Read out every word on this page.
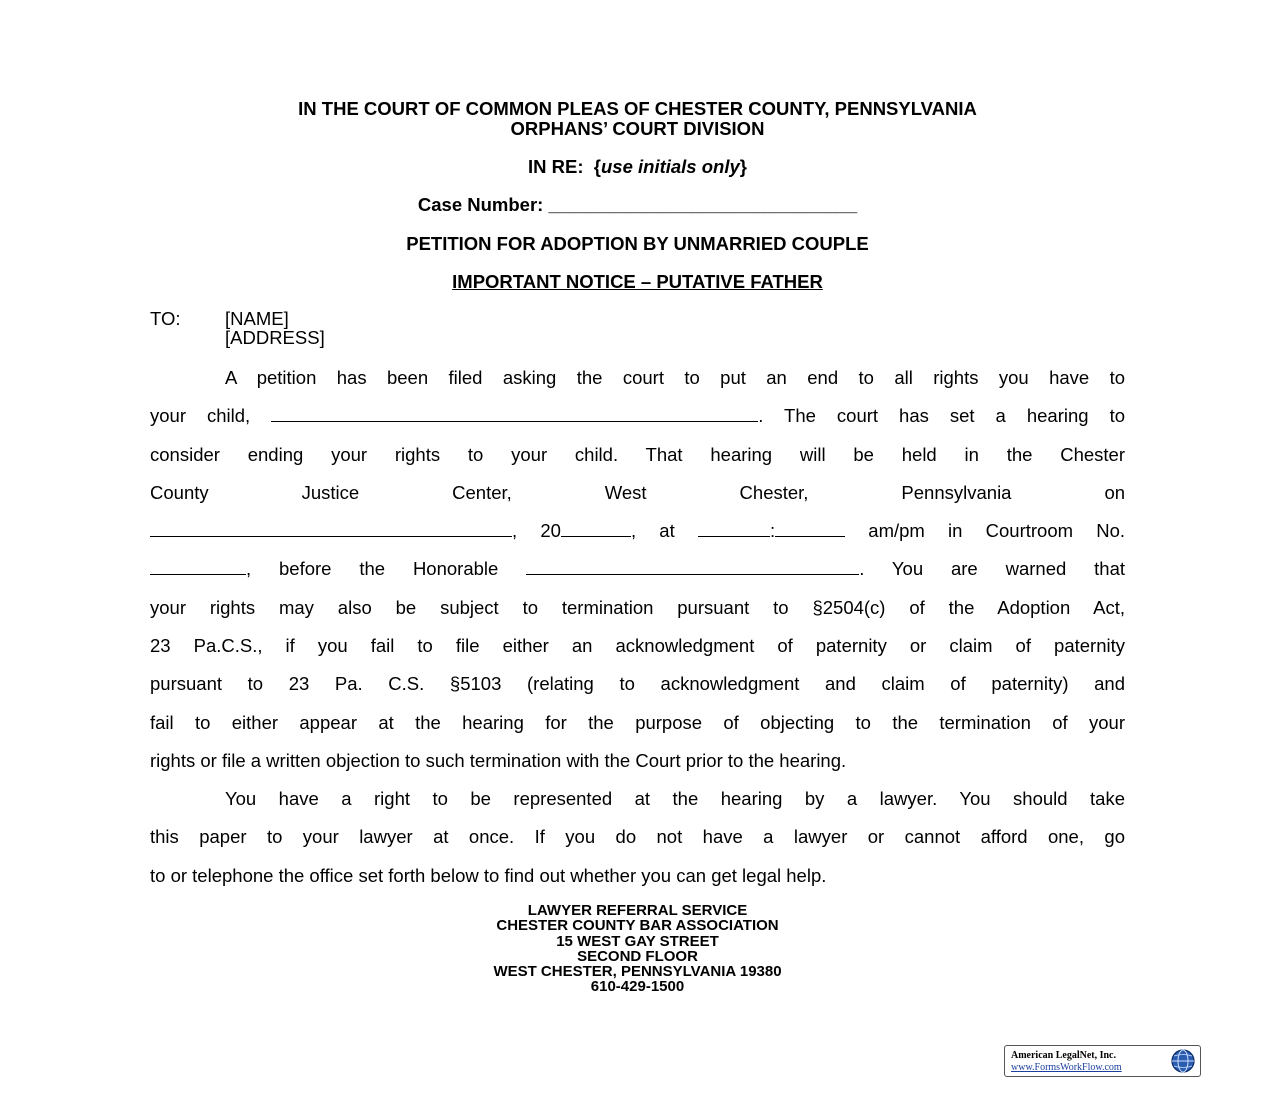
IN THE COURT OF COMMON PLEAS OF CHESTER COUNTY, PENNSYLVANIA
ORPHANS’ COURT DIVISION
IN RE:  {use initials only}
Case Number: ______________________________
PETITION FOR ADOPTION BY UNMARRIED COUPLE
IMPORTANT NOTICE – PUTATIVE FATHER
TO: [NAME]
[ADDRESS]
A petition has been filed asking the court to put an end to all rights you have to
your child,	. The court has set a hearing to
consider ending your rights to your child. That hearing will be held in the Chester
County	Justice	Center,	West	Chester,	Pennsylvania	on
, 20	, at	:	am/pm in Courtroom No.
, before the Honorable	. You are warned that
your rights may also be subject to termination pursuant to §2504(c) of the Adoption Act,
23 Pa.C.S., if you fail to file either an acknowledgment of paternity or claim of paternity
pursuant to 23 Pa. C.S. §5103 (relating to acknowledgment and claim of paternity) and
fail to either appear at the hearing for the purpose of objecting to the termination of your
rights or file a written objection to such termination with the Court prior to the hearing.
You have a right to be represented at the hearing by a lawyer. You should take
this paper to your lawyer at once. If you do not have a lawyer or cannot afford one, go
to or telephone the office set forth below to find out whether you can get legal help.
LAWYER REFERRAL SERVICE
CHESTER COUNTY BAR ASSOCIATION
15 WEST GAY STREET
SECOND FLOOR
WEST CHESTER, PENNSYLVANIA 19380
610-429-1500
American LegalNet, Inc.
www.FormsWorkFlow.com
